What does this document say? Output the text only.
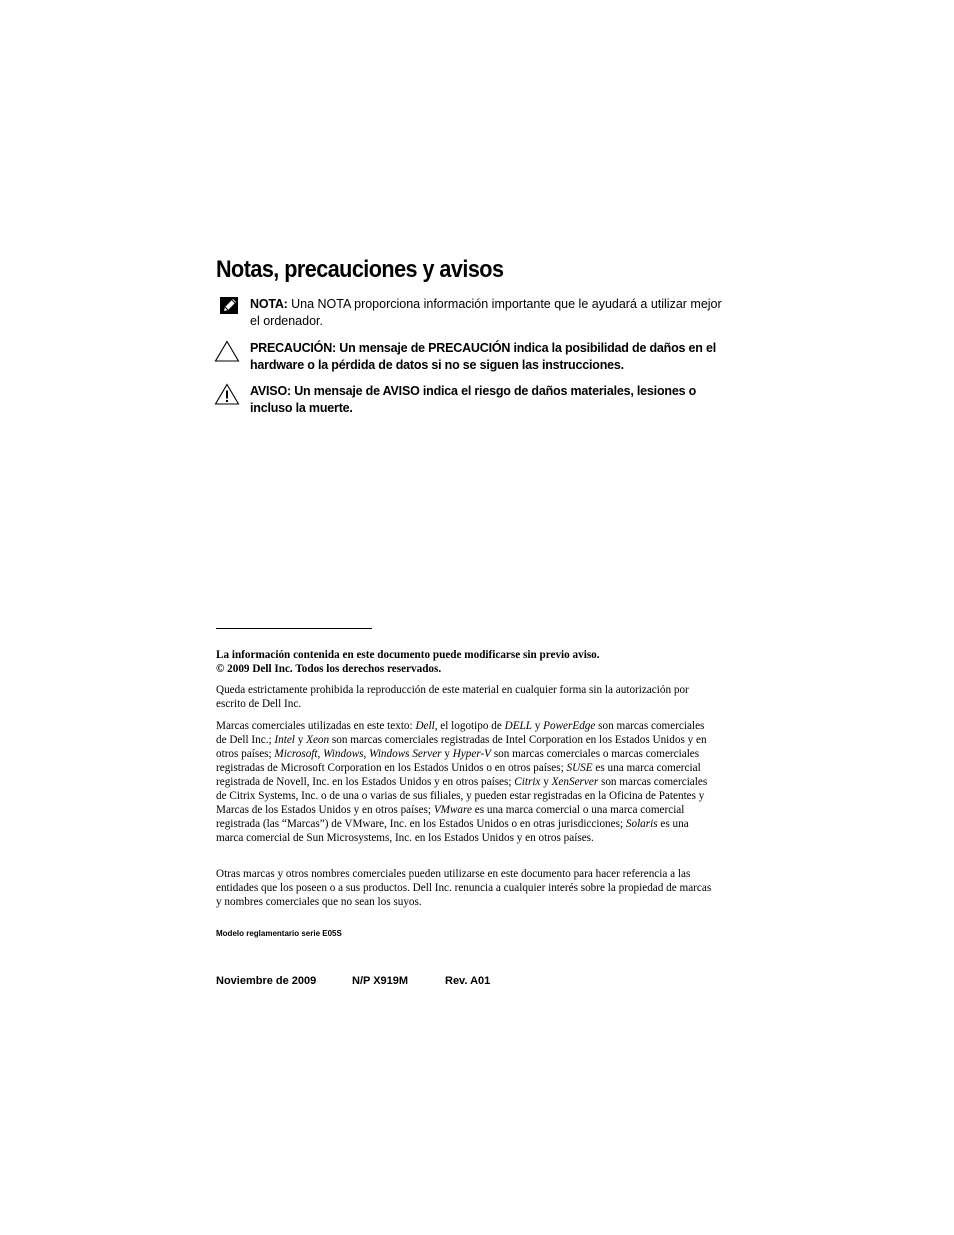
Notas, precauciones y avisos
NOTA: Una NOTA proporciona información importante que le ayudará a utilizar mejor el ordenador.
PRECAUCIÓN: Un mensaje de PRECAUCIÓN indica la posibilidad de daños en el hardware o la pérdida de datos si no se siguen las instrucciones.
AVISO: Un mensaje de AVISO indica el riesgo de daños materiales, lesiones o incluso la muerte.

La información contenida en este documento puede modificarse sin previo aviso.

© 2009 Dell Inc. Todos los derechos reservados.

Queda estrictamente prohibida la reproducción de este material en cualquier forma sin la autorización por escrito de Dell Inc.

Marcas comerciales utilizadas en este texto: Dell, el logotipo de DELL y PowerEdge son marcas comerciales de Dell Inc.; Intel y Xeon son marcas comerciales registradas de Intel Corporation en los Estados Unidos y en otros países; Microsoft, Windows, Windows Server y Hyper-V son marcas comerciales o marcas comerciales registradas de Microsoft Corporation en los Estados Unidos o en otros países; SUSE es una marca comercial registrada de Novell, Inc. en los Estados Unidos y en otros países; Citrix y XenServer son marcas comerciales de Citrix Systems, Inc. o de una o varias de sus filiales, y pueden estar registradas en la Oficina de Patentes y Marcas de los Estados Unidos y en otros países; VMware es una marca comercial o una marca comercial registrada (las “Marcas”) de VMware, Inc. en los Estados Unidos o en otras jurisdicciones; Solaris es una marca comercial de Sun Microsystems, Inc. en los Estados Unidos y en otros países.

Otras marcas y otros nombres comerciales pueden utilizarse en este documento para hacer referencia a las entidades que los poseen o a sus productos. Dell Inc. renuncia a cualquier interés sobre la propiedad de marcas y nombres comerciales que no sean los suyos.

Modelo reglamentario serie E05S
Noviembre de 2009	N/P X919M	Rev. A01
